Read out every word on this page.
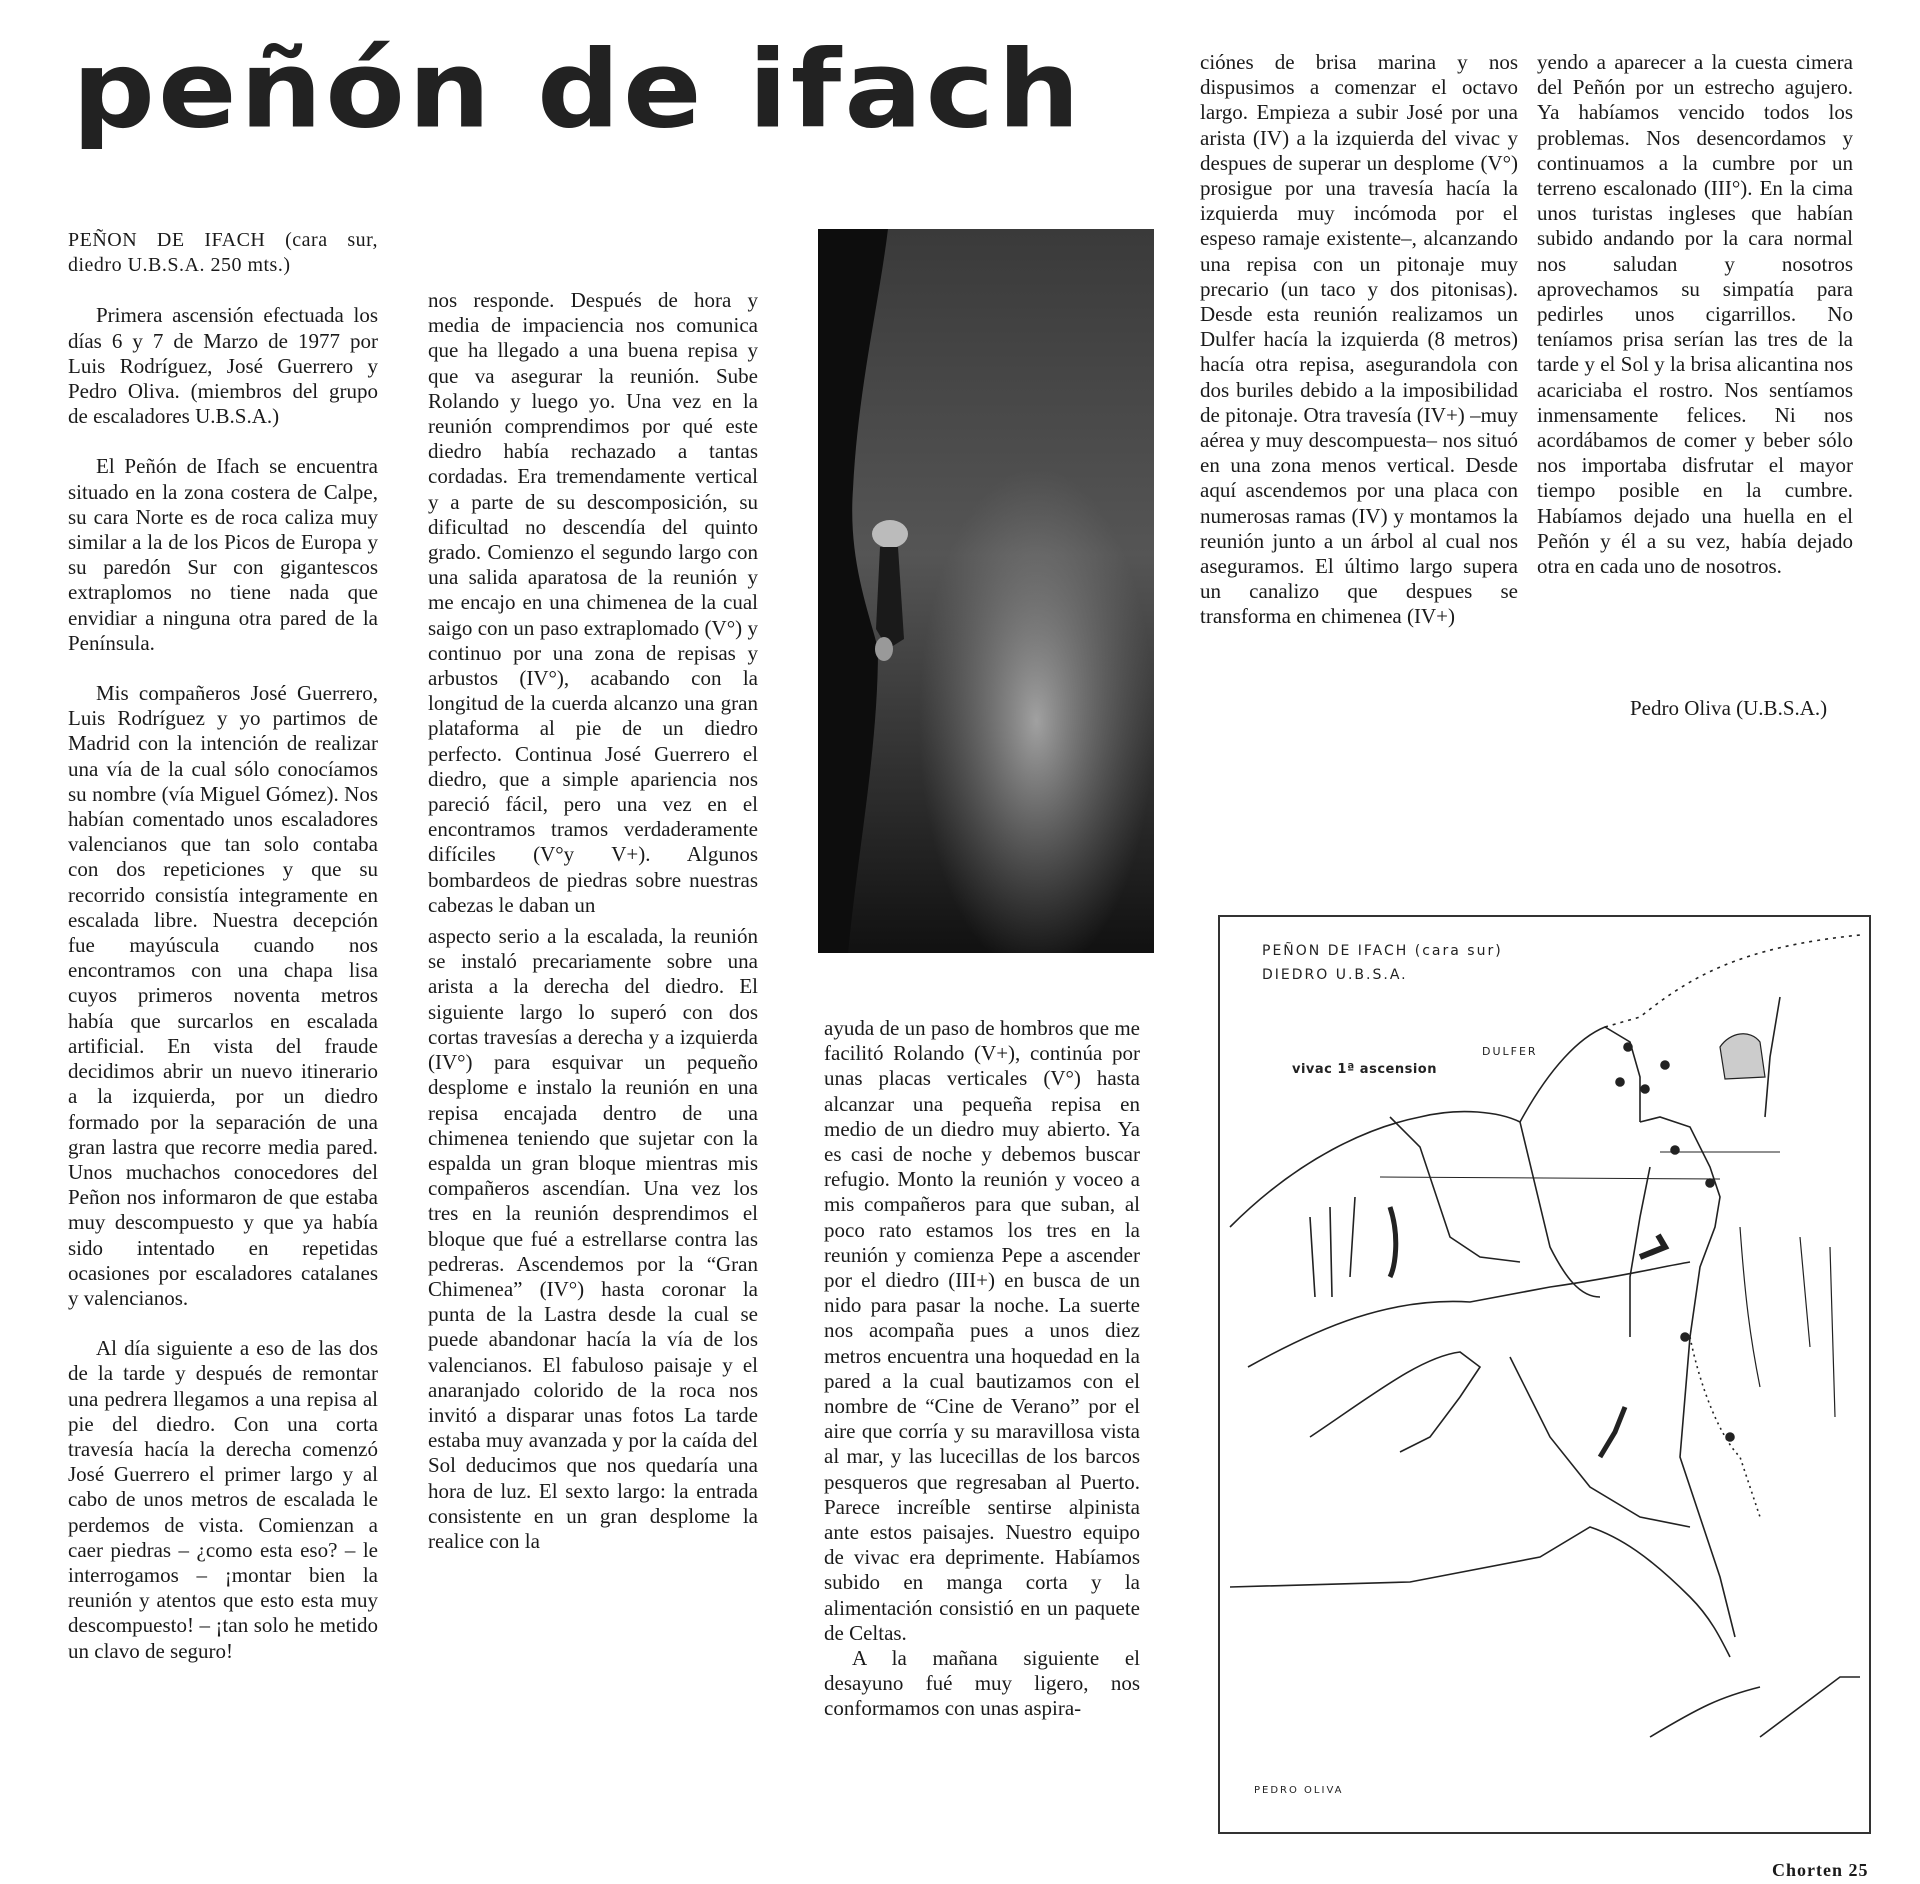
peñón de ifach

PEÑON DE IFACH (cara sur, diedro U.B.S.A. 250 mts.)

Primera ascensión efectuada los días 6 y 7 de Marzo de 1977 por Luis Rodríguez, José Guerrero y Pedro Oliva. (miembros del grupo de escaladores U.B.S.A.)

El Peñón de Ifach se encuentra situado en la zona costera de Calpe, su cara Norte es de roca caliza muy similar a la de los Picos de Europa y su paredón Sur con gigantescos extraplomos no tiene nada que envidiar a ninguna otra pared de la Península.

Mis compañeros José Guerrero, Luis Rodríguez y yo partimos de Madrid con la intención de realizar una vía de la cual sólo conocíamos su nombre (vía Miguel Gómez). Nos habían comentado unos escaladores valencianos que tan solo contaba con dos repeticiones y que su recorrido consistía integramente en escalada libre. Nuestra decepción fue mayúscula cuando nos encontramos con una chapa lisa cuyos primeros noventa metros había que surcarlos en escalada artificial. En vista del fraude decidimos abrir un nuevo itinerario a la izquierda, por un diedro formado por la separación de una gran lastra que recorre media pared. Unos muchachos conocedores del Peñon nos informaron de que estaba muy descompuesto y que ya había sido intentado en repetidas ocasiones por escaladores catalanes y valencianos.

Al día siguiente a eso de las dos de la tarde y después de remontar una pedrera llegamos a una repisa al pie del diedro. Con una corta travesía hacía la derecha comenzó José Guerrero el primer largo y al cabo de unos metros de escalada le perdemos de vista. Comienzan a caer piedras – ¿como esta eso? – le interrogamos – ¡montar bien la reunión y atentos que esto esta muy descompuesto! – ¡tan solo he metido un clavo de seguro!

nos responde. Después de hora y media de impaciencia nos comunica que ha llegado a una buena repisa y que va asegurar la reunión. Sube Rolando y luego yo. Una vez en la reunión comprendimos por qué este diedro había rechazado a tantas cordadas. Era tremendamente vertical y a parte de su descomposición, su dificultad no descendía del quinto grado. Comienzo el segundo largo con una salida aparatosa de la reunión y me encajo en una chimenea de la cual saigo con un paso extraplomado (V°) y continuo por una zona de repisas y arbustos (IV°), acabando con la longitud de la cuerda alcanzo una gran plataforma al pie de un diedro perfecto. Continua José Guerrero el diedro, que a simple apariencia nos pareció fácil, pero una vez en el encontramos tramos verdaderamente difíciles (V°y V+). Algunos bombardeos de piedras sobre nuestras cabezas le daban un

aspecto serio a la escalada, la reunión se instaló precariamente sobre una arista a la derecha del diedro. El siguiente largo lo superó con dos cortas travesías a derecha y a izquierda (IV°) para esquivar un pequeño desplome e instalo la reunión en una repisa encajada dentro de una chimenea teniendo que sujetar con la espalda un gran bloque mientras mis compañeros ascendían. Una vez los tres en la reunión desprendimos el bloque que fué a estrellarse contra las pedreras. Ascendemos por la “Gran Chimenea” (IV°) hasta coronar la punta de la Lastra desde la cual se puede abandonar hacía la vía de los valencianos. El fabuloso paisaje y el anaranjado colorido de la roca nos invitó a disparar unas fotos La tarde estaba muy avanzada y por la caída del Sol deducimos que nos quedaría una hora de luz. El sexto largo: la entrada consistente en un gran desplome la realice con la

ayuda de un paso de hombros que me facilitó Rolando (V+), continúa por unas placas verticales (V°) hasta alcanzar una pequeña repisa en medio de un diedro muy abierto. Ya es casi de noche y debemos buscar refugio. Monto la reunión y voceo a mis compañeros para que suban, al poco rato estamos los tres en la reunión y comienza Pepe a ascender por el diedro (III+) en busca de un nido para pasar la noche. La suerte nos acompaña pues a unos diez metros encuentra una hoquedad en la pared a la cual bautizamos con el nombre de “Cine de Verano” por el aire que corría y su maravillosa vista al mar, y las lucecillas de los barcos pesqueros que regresaban al Puerto. Parece increíble sentirse alpinista ante estos paisajes. Nuestro equipo de vivac era deprimente. Habíamos subido en manga corta y la alimentación consistió en un paquete de Celtas.

A la mañana siguiente el desayuno fué muy ligero, nos conformamos con unas aspira-

ciónes de brisa marina y nos dispusimos a comenzar el octavo largo. Empieza a subir José por una arista (IV) a la izquierda del vivac y despues de superar un desplome (V°) prosigue por una travesía hacía la izquierda muy incómoda por el espeso ramaje existente–, alcanzando una repisa con un pitonaje muy precario (un taco y dos pitonisas). Desde esta reunión realizamos un Dulfer hacía la izquierda (8 metros) hacía otra repisa, asegurandola con dos buriles debido a la imposibilidad de pitonaje. Otra travesía (IV+) –muy aérea y muy descompuesta– nos situó en una zona menos vertical. Desde aquí ascendemos por una placa con numerosas ramas (IV) y montamos la reunión junto a un árbol al cual nos aseguramos. El último largo supera un canalizo que despues se transforma en chimenea (IV+)

yendo a aparecer a la cuesta cimera del Peñón por un estrecho agujero. Ya habíamos vencido todos los problemas. Nos desencordamos y continuamos a la cumbre por un terreno escalonado (III°). En la cima unos turistas ingleses que habían subido andando por la cara normal nos saludan y nosotros aprovechamos su simpatía para pedirles unos cigarrillos. No teníamos prisa serían las tres de la tarde y el Sol y la brisa alicantina nos acariciaba el rostro. Nos sentíamos inmensamente felices. Ni nos acordábamos de comer y beber sólo nos importaba disfrutar el mayor tiempo posible en la cumbre. Habíamos dejado una huella en el Peñón y él a su vez, había dejado otra en cada uno de nosotros.

Pedro Oliva (U.B.S.A.)
PEÑON DE IFACH (cara sur)
DIEDRO U.B.S.A.
DULFER
vivac 1ª ascension
PEDRO OLIVA
Chorten 25
